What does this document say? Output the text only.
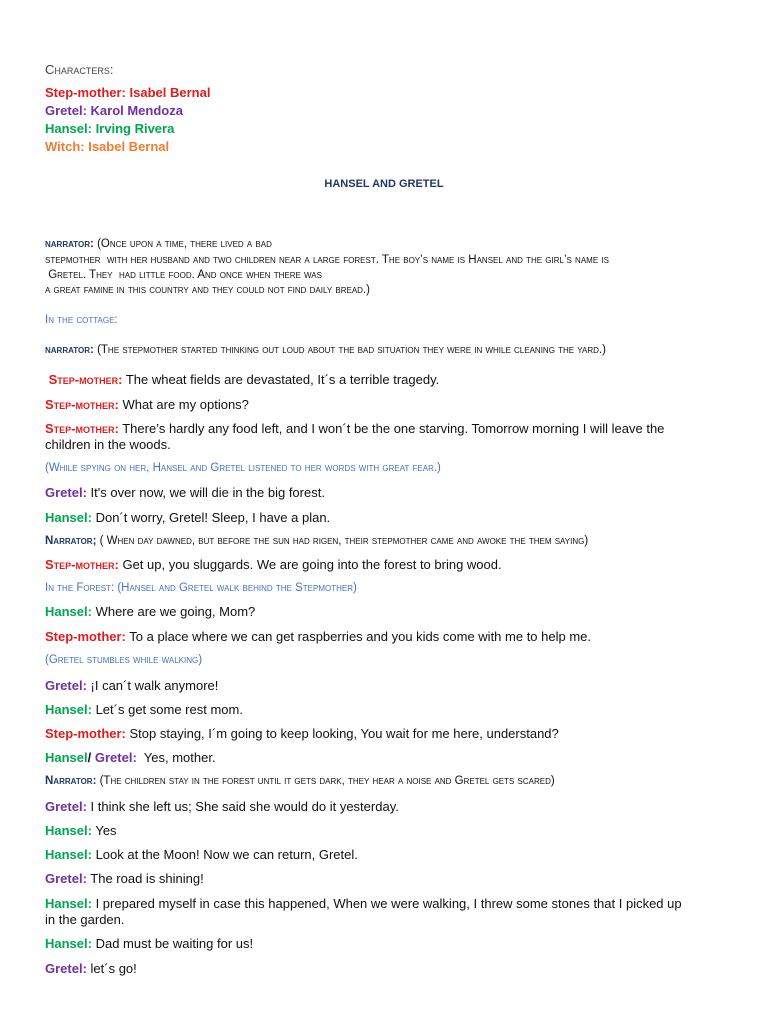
Characters:
Step-mother: Isabel Bernal
Gretel: Karol Mendoza
Hansel: Irving Rivera
Witch: Isabel Bernal
HANSEL AND GRETEL
narrator: (Once upon a time, there lived a bad
stepmother  with her husband and two children near a large forest. The boy’s name is Hansel and the girl’s name is
Gretel. They  had little food. And once when there was
a great famine in this country and they could not find daily bread.)
In the cottage:
narrator: (The stepmother started thinking out loud about the bad situation they were in while cleaning the yard.)
Step-mother: The wheat fields are devastated, It´s a terrible tragedy.
Step-mother: What are my options?
Step-mother: There’s hardly any food left, and I won´t be the one starving. Tomorrow morning I will leave the
children in the woods.
(While spying on her, Hansel and Gretel listened to her words with great fear.)
Gretel: It's over now, we will die in the big forest.
Hansel: Don´t worry, Gretel! Sleep, I have a plan.
Narrator; ( When day dawned, but before the sun had rigen, their stepmother came and awoke the them saying)
Step-mother: Get up, you sluggards. We are going into the forest to bring wood.
In the Forest: (Hansel and Gretel walk behind the Stepmother)
Hansel: Where are we going, Mom?
Step-mother: To a place where we can get raspberries and you kids come with me to help me.
(Gretel stumbles while walking)
Gretel: ¡I can´t walk anymore!
Hansel: Let´s get some rest mom.
Step-mother: Stop staying, I´m going to keep looking, You wait for me here, understand?
Hansel/ Gretel:  Yes, mother.
Narrator: (The children stay in the forest until it gets dark, they hear a noise and Gretel gets scared)
Gretel: I think she left us; She said she would do it yesterday.
Hansel: Yes
Hansel: Look at the Moon! Now we can return, Gretel.
Gretel: The road is shining!
Hansel: I prepared myself in case this happened, When we were walking, I threw some stones that I picked up
in the garden.
Hansel: Dad must be waiting for us!
Gretel: let´s go!
